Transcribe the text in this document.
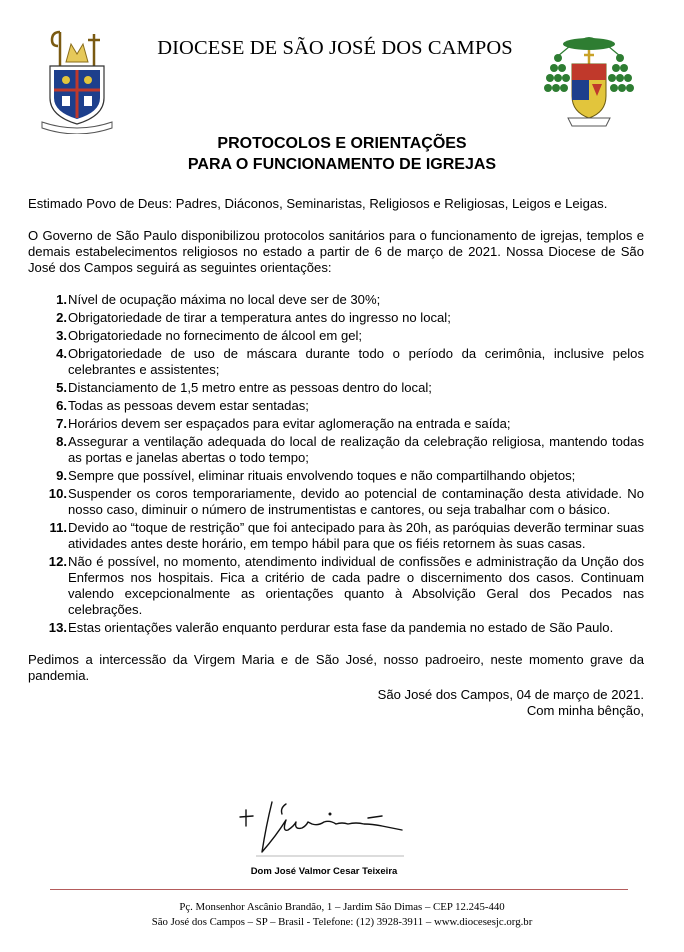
DIOCESE DE SÃO JOSÉ DOS CAMPOS
PROTOCOLOS E ORIENTAÇÕES
PARA O FUNCIONAMENTO DE IGREJAS

Estimado Povo de Deus: Padres, Diáconos, Seminaristas, Religiosos e Religiosas, Leigos e Leigas.

O Governo de São Paulo disponibilizou protocolos sanitários para o funcionamento de igrejas, templos e demais estabelecimentos religiosos no estado a partir de 6 de março de 2021. Nossa Diocese de São José dos Campos seguirá as seguintes orientações:

1. Nível de ocupação máxima no local deve ser de 30%;
2. Obrigatoriedade de tirar a temperatura antes do ingresso no local;
3. Obrigatoriedade no fornecimento de álcool em gel;
4. Obrigatoriedade de uso de máscara durante todo o período da cerimônia, inclusive pelos celebrantes e assistentes;
5. Distanciamento de 1,5 metro entre as pessoas dentro do local;
6. Todas as pessoas devem estar sentadas;
7. Horários devem ser espaçados para evitar aglomeração na entrada e saída;
8. Assegurar a ventilação adequada do local de realização da celebração religiosa, mantendo todas as portas e janelas abertas o todo tempo;
9. Sempre que possível, eliminar rituais envolvendo toques e não compartilhando objetos;
10. Suspender os coros temporariamente, devido ao potencial de contaminação desta atividade. No nosso caso, diminuir o número de instrumentistas e cantores, ou seja trabalhar com o básico.
11. Devido ao “toque de restrição” que foi antecipado para às 20h, as paróquias deverão terminar suas atividades antes deste horário, em tempo hábil para que os fiéis retornem às suas casas.
12. Não é possível, no momento, atendimento individual de confissões e administração da Unção dos Enfermos nos hospitais. Fica a critério de cada padre o discernimento dos casos. Continuam valendo excepcionalmente as orientações quanto à Absolvição Geral dos Pecados nas celebrações.
13. Estas orientações valerão enquanto perdurar esta fase da pandemia no estado de São Paulo.

Pedimos a intercessão da Virgem Maria e de São José, nosso padroeiro, neste momento grave da pandemia.

São José dos Campos, 04 de março de 2021.

Com minha bênção,

Dom José Valmor Cesar Teixeira
Pç. Monsenhor Ascânio Brandão, 1 – Jardim São Dimas – CEP 12.245-440
São José dos Campos – SP – Brasil - Telefone: (12) 3928-3911 – www.diocesesjc.org.br
